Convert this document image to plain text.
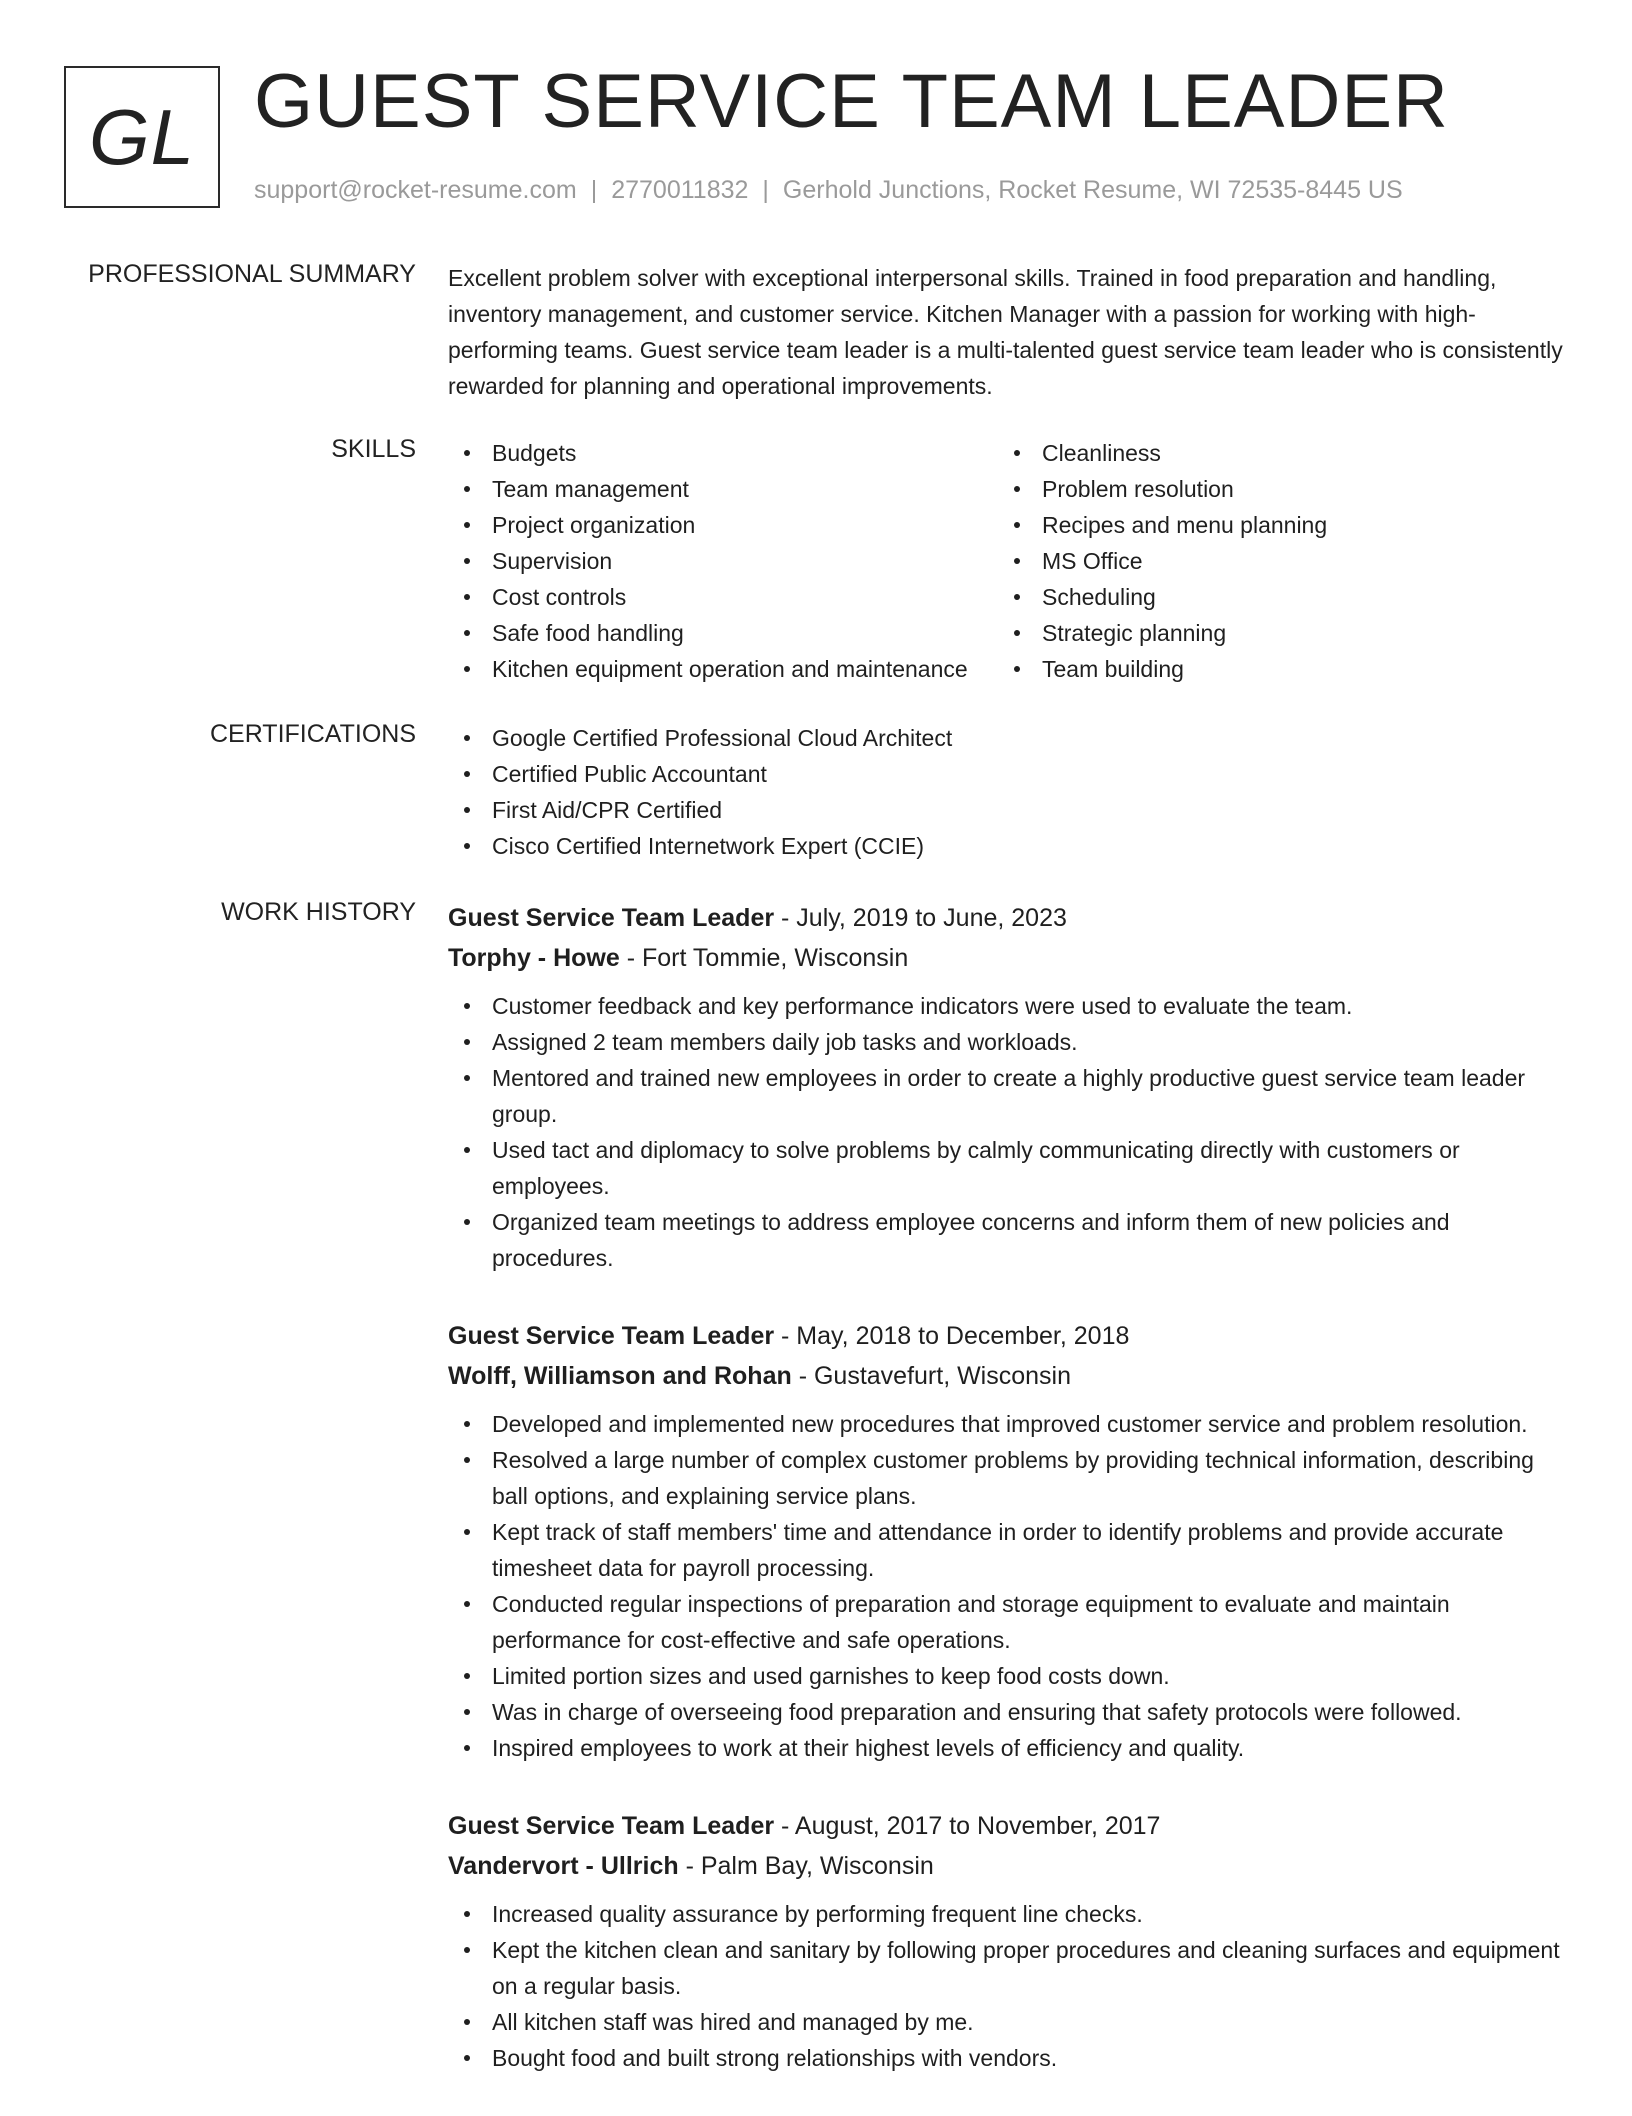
GL GUEST SERVICE TEAM LEADER
support@rocket-resume.com | 2770011832 | Gerhold Junctions, Rocket Resume, WI 72535-8445 US
PROFESSIONAL SUMMARY Excellent problem solver with exceptional interpersonal skills. Trained in food preparation and handling, inventory management, and customer service. Kitchen Manager with a passion for working with high-performing teams. Guest service team leader is a multi-talented guest service team leader who is consistently rewarded for planning and operational improvements.
SKILLS	Budgets
Team management
Project organization
Supervision
Cost controls
Safe food handling
Kitchen equipment operation and maintenance
Cleanliness
Problem resolution
Recipes and menu planning
MS Office
Scheduling
Strategic planning
Team building
CERTIFICATIONS	Google Certified Professional Cloud Architect
Certified Public Accountant
First Aid/CPR Certified
Cisco Certified Internetwork Expert (CCIE)
WORK HISTORY Guest Service Team Leader - July, 2019 to June, 2023
Torphy - Howe - Fort Tommie, Wisconsin
Customer feedback and key performance indicators were used to evaluate the team.
Assigned 2 team members daily job tasks and workloads.
Mentored and trained new employees in order to create a highly productive guest service team leader group.
Used tact and diplomacy to solve problems by calmly communicating directly with customers or employees.
Organized team meetings to address employee concerns and inform them of new policies and procedures.
Guest Service Team Leader - May, 2018 to December, 2018
Wolff, Williamson and Rohan - Gustavefurt, Wisconsin
Developed and implemented new procedures that improved customer service and problem resolution.
Resolved a large number of complex customer problems by providing technical information, describing ball options, and explaining service plans.
Kept track of staff members' time and attendance in order to identify problems and provide accurate timesheet data for payroll processing.
Conducted regular inspections of preparation and storage equipment to evaluate and maintain performance for cost-effective and safe operations.
Limited portion sizes and used garnishes to keep food costs down.
Was in charge of overseeing food preparation and ensuring that safety protocols were followed.
Inspired employees to work at their highest levels of efficiency and quality.
Guest Service Team Leader - August, 2017 to November, 2017
Vandervort - Ullrich - Palm Bay, Wisconsin
Increased quality assurance by performing frequent line checks.
Kept the kitchen clean and sanitary by following proper procedures and cleaning surfaces and equipment on a regular basis.
All kitchen staff was hired and managed by me.
Bought food and built strong relationships with vendors.
